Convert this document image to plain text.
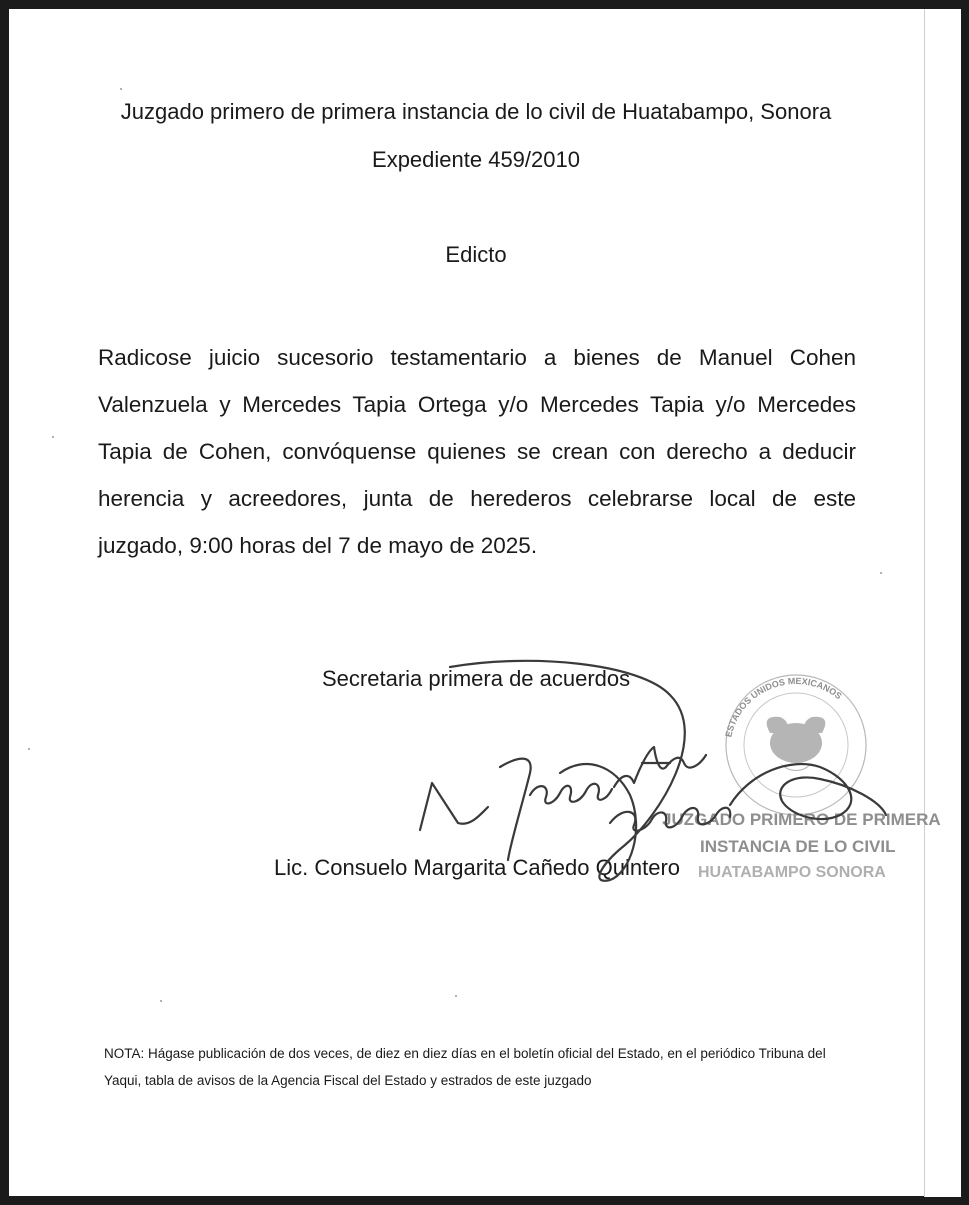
Juzgado primero de primera instancia de lo civil de Huatabampo, Sonora

Expediente 459/2010

Edicto

Radicose juicio sucesorio testamentario a bienes de Manuel Cohen
Valenzuela y Mercedes Tapia Ortega y/o Mercedes Tapia y/o Mercedes
Tapia de Cohen, convóquense quienes se crean con derecho a deducir
herencia y acreedores, junta de herederos celebrarse local de este
juzgado, 9:00 horas del 7 de mayo de 2025.

Secretaria primera de acuerdos

Lic. Consuelo Margarita Cañedo Quintero

ESTADOS UNIDOS MEXICANOS
JUZGADO PRIMERO DE PRIMERA
INSTANCIA DE LO CIVIL
HUATABAMPO SONORA
NOTA: Hágase publicación de dos veces, de diez en diez días en el boletín oficial del Estado, en el periódico Tribuna del
Yaqui, tabla de avisos de la Agencia Fiscal del Estado y estrados de este juzgado
